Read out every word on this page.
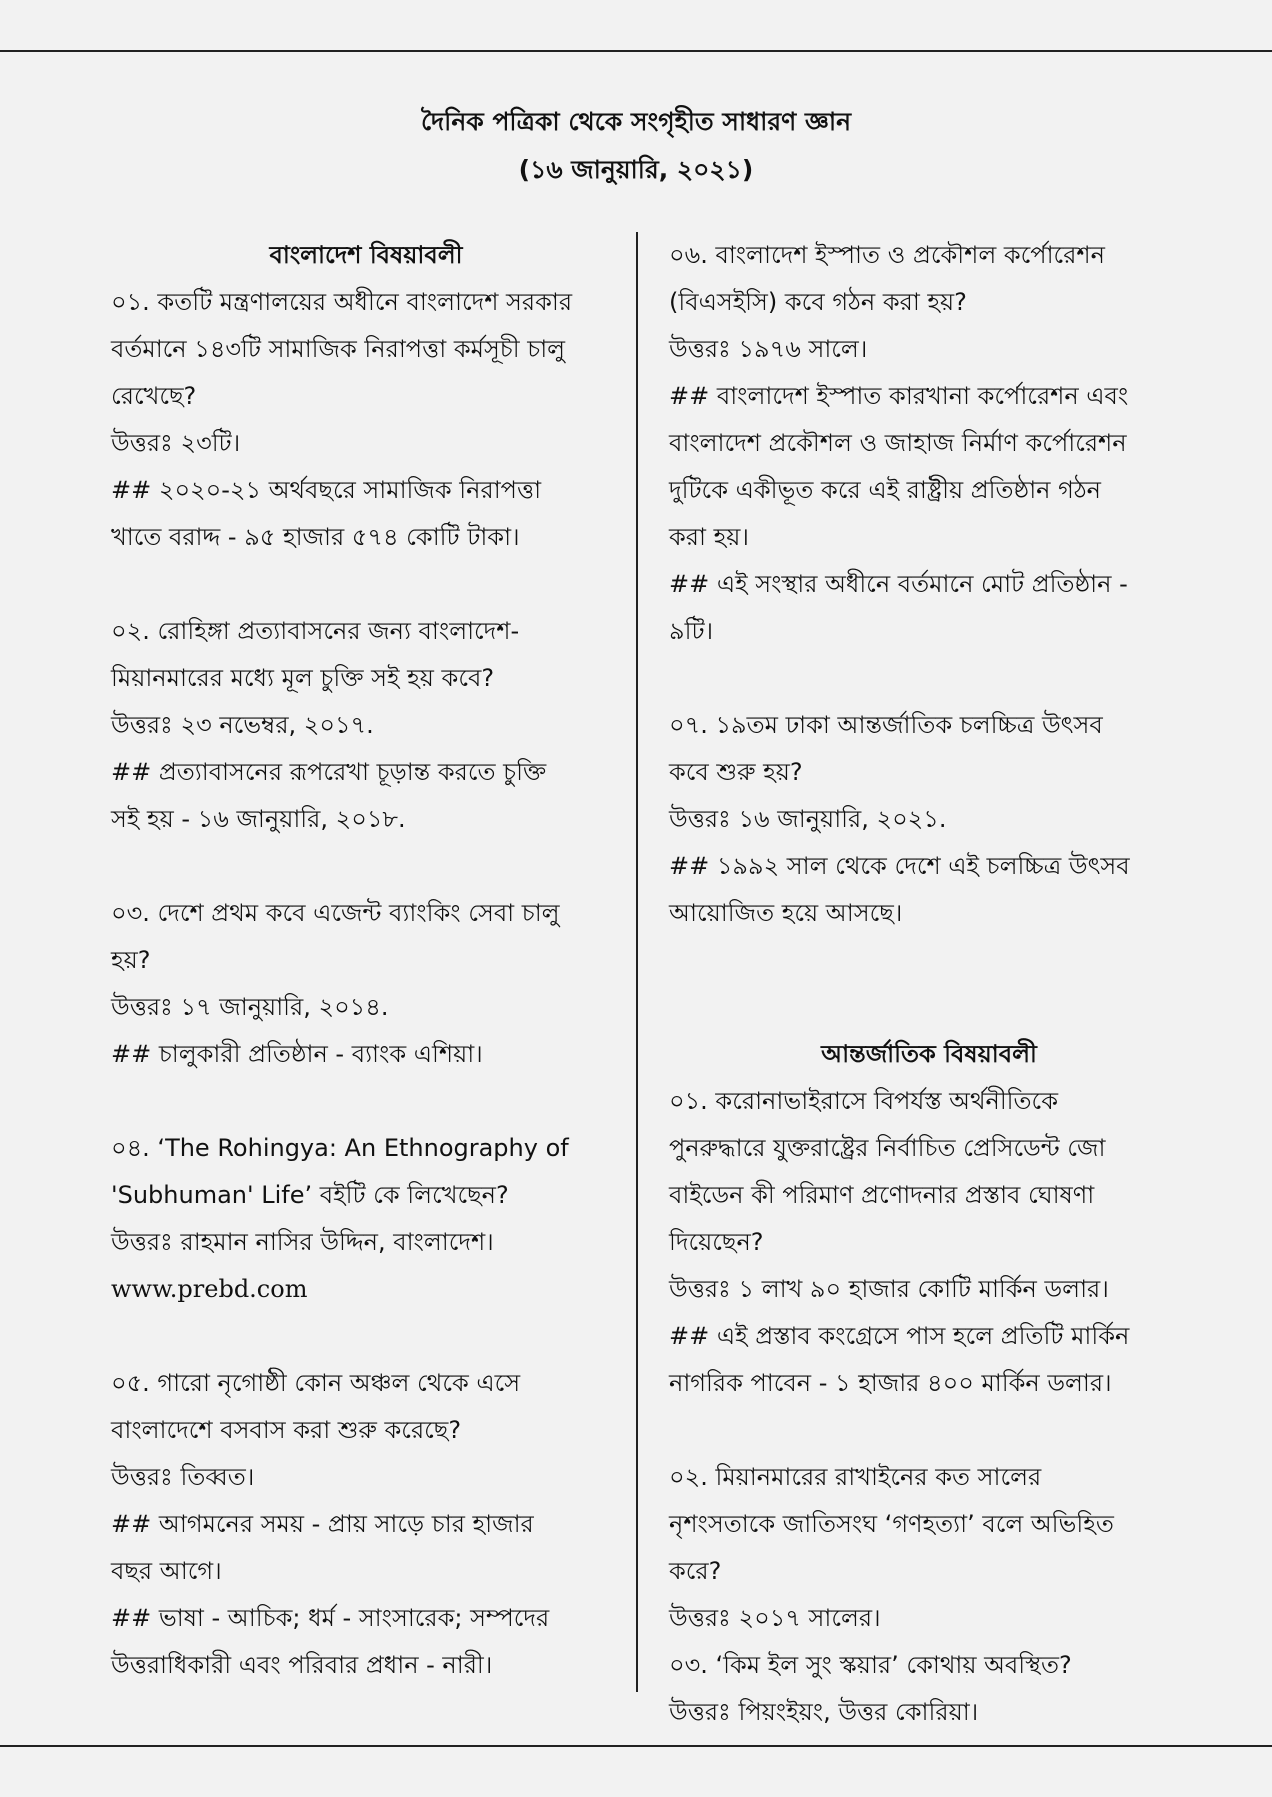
দৈনিক পত্রিকা থেকে সংগৃহীত সাধারণ জ্ঞান
(১৬ জানুয়ারি, ২০২১)
বাংলাদেশ বিষয়াবলী
০১. কতটি মন্ত্রণালয়ের অধীনে বাংলাদেশ সরকার
বর্তমানে ১৪৩টি সামাজিক নিরাপত্তা কর্মসূচী চালু
রেখেছে?
উত্তরঃ ২৩টি।
## ২০২০-২১ অর্থবছরে সামাজিক নিরাপত্তা
খাতে বরাদ্দ - ৯৫ হাজার ৫৭৪ কোটি টাকা।
০২. রোহিঙ্গা প্রত্যাবাসনের জন্য বাংলাদেশ-
মিয়ানমারের মধ্যে মূল চুক্তি সই হয় কবে?
উত্তরঃ ২৩ নভেম্বর, ২০১৭.
## প্রত্যাবাসনের রূপরেখা চূড়ান্ত করতে চুক্তি
সই হয় - ১৬ জানুয়ারি, ২০১৮.
০৩. দেশে প্রথম কবে এজেন্ট ব্যাংকিং সেবা চালু
হয়?
উত্তরঃ ১৭ জানুয়ারি, ২০১৪.
## চালুকারী প্রতিষ্ঠান - ব্যাংক এশিয়া।
০৪. ‘The Rohingya: An Ethnography of
'Subhuman' Life’ বইটি কে লিখেছেন?
উত্তরঃ রাহমান নাসির উদ্দিন, বাংলাদেশ।
www.prebd.com
০৫. গারো নৃগোষ্ঠী কোন অঞ্চল থেকে এসে
বাংলাদেশে বসবাস করা শুরু করেছে?
উত্তরঃ তিব্বত।
## আগমনের সময় - প্রায় সাড়ে চার হাজার
বছর আগে।
## ভাষা - আচিক; ধর্ম - সাংসারেক; সম্পদের
উত্তরাধিকারী এবং পরিবার প্রধান - নারী।
০৬. বাংলাদেশ ইস্পাত ও প্রকৌশল কর্পোরেশন
(বিএসইসি) কবে গঠন করা হয়?
উত্তরঃ ১৯৭৬ সালে।
## বাংলাদেশ ইস্পাত কারখানা কর্পোরেশন এবং
বাংলাদেশ প্রকৌশল ও জাহাজ নির্মাণ কর্পোরেশন
দুটিকে একীভূত করে এই রাষ্ট্রীয় প্রতিষ্ঠান গঠন
করা হয়।
## এই সংস্থার অধীনে বর্তমানে মোট প্রতিষ্ঠান -
৯টি।
০৭. ১৯তম ঢাকা আন্তর্জাতিক চলচ্চিত্র উৎসব
কবে শুরু হয়?
উত্তরঃ ১৬ জানুয়ারি, ২০২১.
## ১৯৯২ সাল থেকে দেশে এই চলচ্চিত্র উৎসব
আয়োজিত হয়ে আসছে।
আন্তর্জাতিক বিষয়াবলী
০১. করোনাভাইরাসে বিপর্যস্ত অর্থনীতিকে
পুনরুদ্ধারে যুক্তরাষ্ট্রের নির্বাচিত প্রেসিডেন্ট জো
বাইডেন কী পরিমাণ প্রণোদনার প্রস্তাব ঘোষণা
দিয়েছেন?
উত্তরঃ ১ লাখ ৯০ হাজার কোটি মার্কিন ডলার।
## এই প্রস্তাব কংগ্রেসে পাস হলে প্রতিটি মার্কিন
নাগরিক পাবেন - ১ হাজার ৪০০ মার্কিন ডলার।
০২. মিয়ানমারের রাখাইনের কত সালের
নৃশংসতাকে জাতিসংঘ ‘গণহত্যা’ বলে অভিহিত
করে?
উত্তরঃ ২০১৭ সালের।
০৩. ‘কিম ইল সুং স্কয়ার’ কোথায় অবস্থিত?
উত্তরঃ পিয়ংইয়ং, উত্তর কোরিয়া।
